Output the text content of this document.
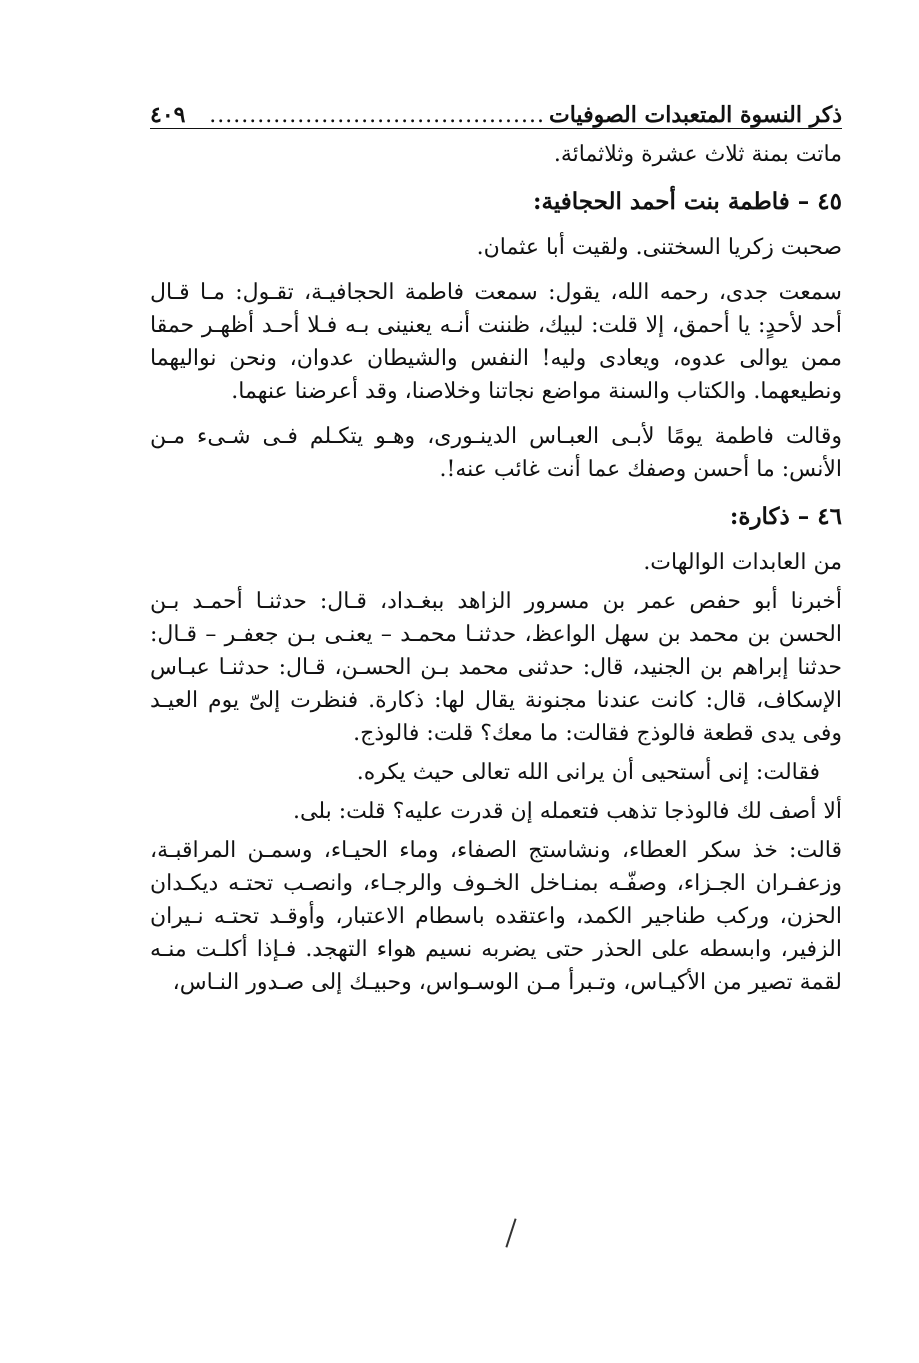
ذكر النسوة المتعبدات الصوفيات
..........................................
٤٠٩
ماتت بمنة ثلاث عشرة وثلاثمائة.
٤٥ – فاطمة بنت أحمد الحجافية:
صحبت زكريا السختنى. ولقيت أبا عثمان.
سمعت جدى، رحمه الله، يقول: سمعت فاطمة الحجافيـة، تقـول: مـا قـال أحد لأحدٍ: يا أحمق، إلا قلت: لبيك، ظننت أنـه يعنينى بـه فـلا أحـد أظهـر حمقا ممن يوالى عدوه، ويعادى وليه! النفس والشيطان عدوان، ونحن نواليهما ونطيعهما. والكتاب والسنة مواضع نجاتنا وخلاصنا، وقد أعرضنا عنهما.
وقالت فاطمة يومًا لأبـى العبـاس الدينـورى، وهـو يتكـلم فـى شـىء مـن الأنس: ما أحسن وصفك عما أنت غائب عنه!.
٤٦ – ذكارة:
من العابدات الوالهات.
أخبرنا أبو حفص عمر بن مسرور الزاهد ببغـداد، قـال: حدثنـا أحمـد بـن الحسن بن محمد بن سهل الواعظ، حدثنـا محمـد – يعنـى بـن جعفـر – قـال: حدثنا إبراهم بن الجنيد، قال: حدثنى محمد بـن الحسـن، قـال: حدثنـا عبـاس الإسكاف، قال: كانت عندنا مجنونة يقال لها: ذكارة. فنظرت إلىّ يوم العيـد وفى يدى قطعة فالوذج فقالت: ما معك؟ قلت: فالوذج.
فقالت: إنى أستحيى أن يرانى الله تعالى حيث يكره.
ألا أصف لك فالوذجا تذهب فتعمله إن قدرت عليه؟ قلت: بلى.
قالت: خذ سكر العطاء، ونشاستج الصفاء، وماء الحيـاء، وسمـن المراقبـة، وزعفـران الجـزاء، وصفّـه بمنـاخل الخـوف والرجـاء، وانصـب تحتـه ديكـدان الحزن، وركب طناجير الكمد، واعتقده باسطام الاعتبار، وأوقـد تحتـه نـيران الزفير، وابسطه على الحذر حتى يضربه نسيم هواء التهجد. فـإذا أكلـت منـه لقمة تصير من الأكيـاس، وتـبرأ مـن الوسـواس، وحبيـك إلى صـدور النـاس،
